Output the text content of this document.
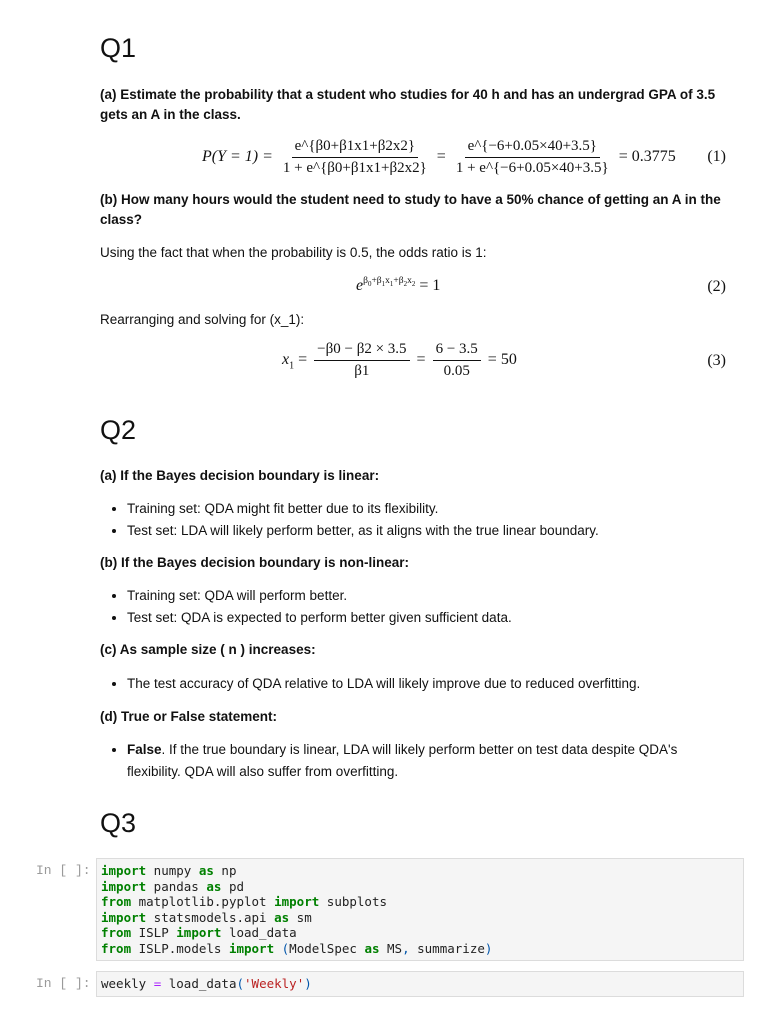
Q1

(a) Estimate the probability that a student who studies for 40 h and has an undergrad GPA of 3.5 gets an A in the class.

$P(Y = 1) = \frac{e\^{}\{\beta 0+\beta 1x1+\beta 2x2\}}{1 + e\^{}\{\beta 0+\beta 1x1+\beta 2x2\}} = \frac{e\^{}\{-6+0.05\times 40+3.5\}}{1 + e\^{}\{-6+0.05\times 40+3.5\}} = 0.3775$ (1)

(b) How many hours would the student need to study to have a 50% chance of getting an A in the class?

Using the fact that when the probability is 0.5, the odds ratio is 1:

$e^{\beta_0+\beta_1x_1+\beta_2x_2} = 1$	(2)

Rearranging and solving for (x_1):

$x_1 = \frac{-\beta 0 - \beta 2 \times 3.5}{\beta 1} = \frac{6 - 3.5}{0.05} = 50$	(3)
Q2

(a) If the Bayes decision boundary is linear:

• Training set: QDA might fit better due to its flexibility.
• Test set: LDA will likely perform better, as it aligns with the true linear boundary.

(b) If the Bayes decision boundary is non-linear:

• Training set: QDA will perform better.
• Test set: QDA is expected to perform better given sufficient data.

(c) As sample size ( n ) increases:

• The test accuracy of QDA relative to LDA will likely improve due to reduced overfitting.

(d) True or False statement:

• False. If the true boundary is linear, LDA will likely perform better on test data despite QDA's flexibility. QDA will also suffer from overfitting.
Q3
In [ ]: import numpy as np
import pandas as pd
from matplotlib.pyplot import subplots
import statsmodels.api as sm
from ISLP import load_data
from ISLP.models import (ModelSpec as MS, summarize)
In [ ]: weekly = load_data('Weekly')
